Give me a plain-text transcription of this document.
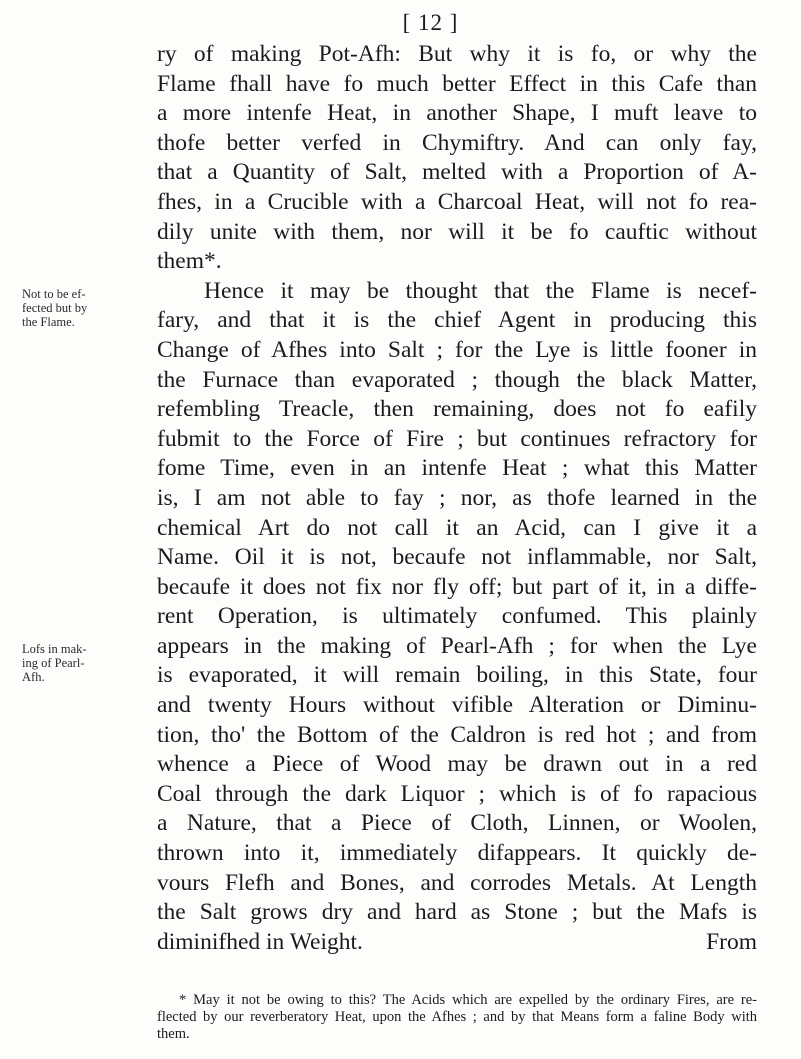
[ 12 ]
Not to be ef-
fected but by
the Flame.
Lofs in mak-
ing of Pearl-
Afh.
ry of making Pot-Afh: But why it is fo, or why the
Flame fhall have fo much better Effect in this Cafe than
a more intenfe Heat, in another Shape, I muft leave to
thofe better verfed in Chymiftry. And can only fay,
that a Quantity of Salt, melted with a Proportion of A-
fhes, in a Crucible with a Charcoal Heat, will not fo rea-
dily unite with them, nor will it be fo cauftic without
them*.
Hence it may be thought that the Flame is necef-
fary, and that it is the chief Agent in producing this
Change of Afhes into Salt ; for the Lye is little fooner in
the Furnace than evaporated ; though the black Matter,
refembling Treacle, then remaining, does not fo eafily
fubmit to the Force of Fire ; but continues refractory for
fome Time, even in an intenfe Heat ; what this Matter
is, I am not able to fay ; nor, as thofe learned in the
chemical Art do not call it an Acid, can I give it a
Name. Oil it is not, becaufe not inflammable, nor Salt,
becaufe it does not fix nor fly off; but part of it, in a diffe-
rent Operation, is ultimately confumed. This plainly
appears in the making of Pearl-Afh ; for when the Lye
is evaporated, it will remain boiling, in this State, four
and twenty Hours without vifible Alteration or Diminu-
tion, tho' the Bottom of the Caldron is red hot ; and from
whence a Piece of Wood may be drawn out in a red
Coal through the dark Liquor ; which is of fo rapacious
a Nature, that a Piece of Cloth, Linnen, or Woolen,
thrown into it, immediately difappears. It quickly de-
vours Flefh and Bones, and corrodes Metals. At Length
the Salt grows dry and hard as Stone ; but the Mafs is
diminifhed in Weight.	From
* May it not be owing to this? The Acids which are expelled by the ordinary Fires, are re-
flected by our reverberatory Heat, upon the Afhes ; and by that Means form a faline Body with
them.
